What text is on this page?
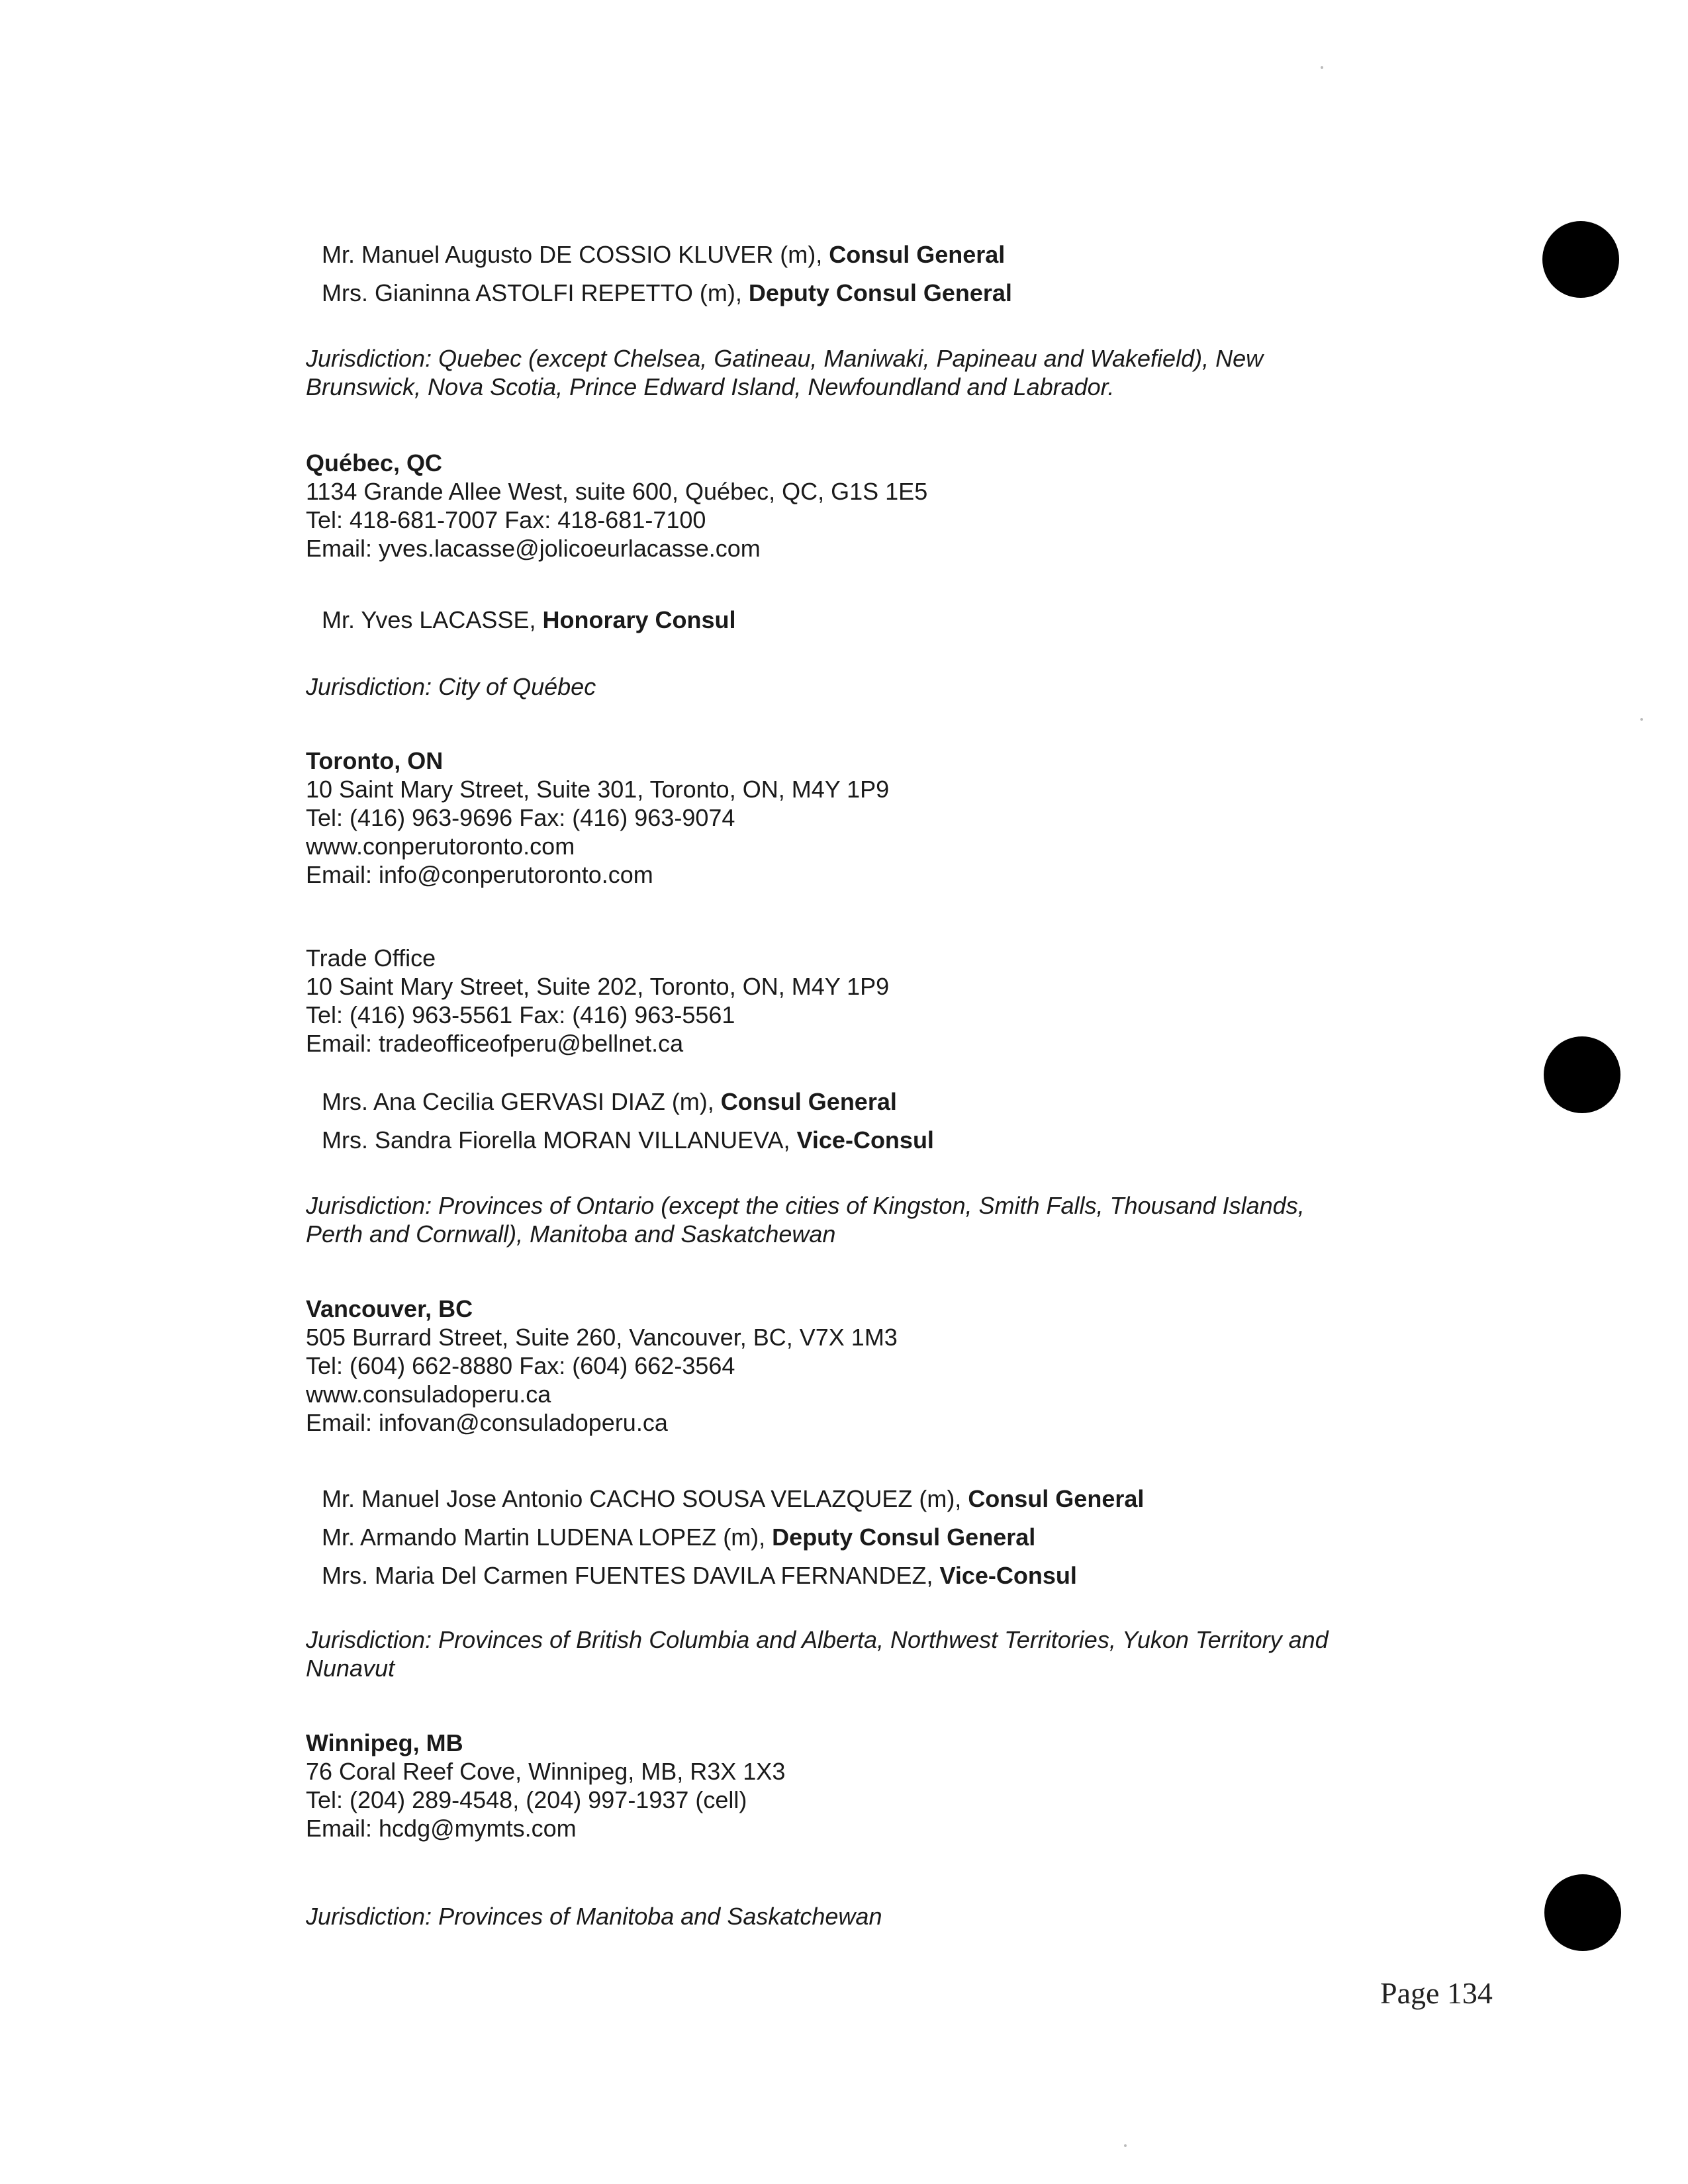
Mr. Manuel Augusto DE COSSIO KLUVER (m), Consul General
Mrs. Gianinna ASTOLFI REPETTO (m), Deputy Consul General
Jurisdiction: Quebec (except Chelsea, Gatineau, Maniwaki, Papineau and Wakefield), New Brunswick, Nova Scotia, Prince Edward Island, Newfoundland and Labrador.
Québec, QC
1134 Grande Allee West, suite 600, Québec, QC, G1S 1E5
Tel: 418-681-7007 Fax: 418-681-7100
Email: yves.lacasse@jolicoeurlacasse.com
Mr. Yves LACASSE, Honorary Consul
Jurisdiction: City of Québec
Toronto, ON
10 Saint Mary Street, Suite 301, Toronto, ON, M4Y 1P9
Tel: (416) 963-9696 Fax: (416) 963-9074
www.conperutoronto.com
Email: info@conperutoronto.com
Trade Office
10 Saint Mary Street, Suite 202, Toronto, ON, M4Y 1P9
Tel: (416) 963-5561 Fax: (416) 963-5561
Email: tradeofficeofperu@bellnet.ca
Mrs. Ana Cecilia GERVASI DIAZ (m), Consul General
Mrs. Sandra Fiorella MORAN VILLANUEVA, Vice-Consul
Jurisdiction: Provinces of Ontario (except the cities of Kingston, Smith Falls, Thousand Islands, Perth and Cornwall), Manitoba and Saskatchewan
Vancouver, BC
505 Burrard Street, Suite 260, Vancouver, BC, V7X 1M3
Tel: (604) 662-8880 Fax: (604) 662-3564
www.consuladoperu.ca
Email: infovan@consuladoperu.ca
Mr. Manuel Jose Antonio CACHO SOUSA VELAZQUEZ (m), Consul General
Mr. Armando Martin LUDENA LOPEZ (m), Deputy Consul General
Mrs. Maria Del Carmen FUENTES DAVILA FERNANDEZ, Vice-Consul
Jurisdiction: Provinces of British Columbia and Alberta, Northwest Territories, Yukon Territory and Nunavut
Winnipeg, MB
76 Coral Reef Cove, Winnipeg, MB, R3X 1X3
Tel: (204) 289-4548, (204) 997-1937 (cell)
Email: hcdg@mymts.com
Jurisdiction: Provinces of Manitoba and Saskatchewan
Page 134
